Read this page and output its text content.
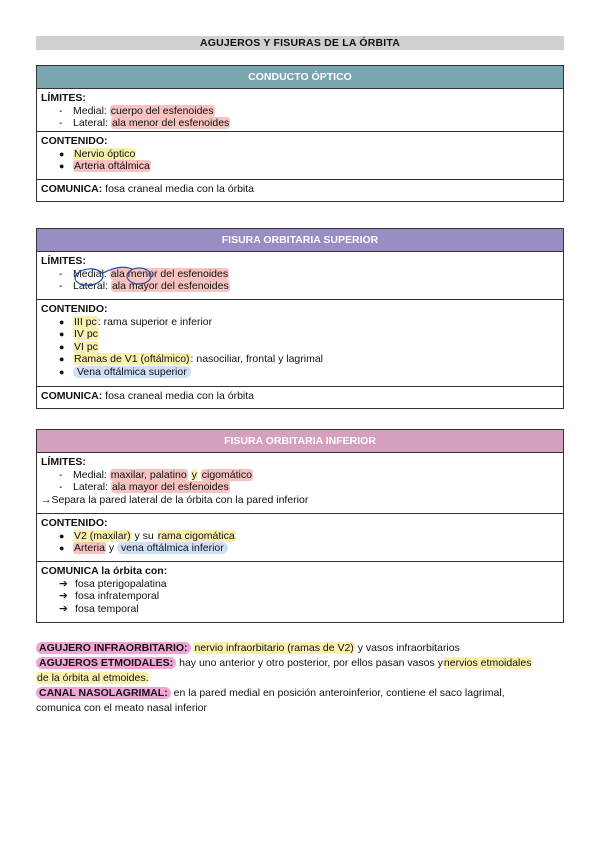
AGUJEROS Y FISURAS DE LA ÓRBITA
CONDUCTO ÓPTICO
LÍMITES:
- Medial: cuerpo del esfenoides
- Lateral: ala menor del esfenoides
CONTENIDO:
● Nervio óptico
● Arteria oftálmica
COMUNICA: fosa craneal media con la órbita
FISURA ORBITARIA SUPERIOR
LÍMITES:
- Medial: ala menor del esfenoides
- Lateral: ala mayor del esfenoides
CONTENIDO:
● III pc: rama superior e inferior
● IV pc
● VI pc
● Ramas de V1 (oftálmico): nasociliar, frontal y lagrimal
● Vena oftálmica superior
COMUNICA: fosa craneal media con la órbita
FISURA ORBITARIA INFERIOR
LÍMITES:
- Medial: maxilar, palatino y cigomático
- Lateral: ala mayor del esfenoides
→Separa la pared lateral de la órbita con la pared inferior
CONTENIDO:
● V2 (maxilar) y su rama cigomática
● Arteria y vena oftálmica inferior
COMUNICA la órbita con:
➔ fosa pterigopalatina
➔ fosa infratemporal
➔ fosa temporal
AGUJERO INFRAORBITARIO: nervio infraorbitario (ramas de V2) y vasos infraorbitarios
AGUJEROS ETMOIDALES: hay uno anterior y otro posterior, por ellos pasan vasos ynervios etmoidales
de la órbita al etmoides.
CANAL NASOLAGRIMAL: en la pared medial en posición anteroinferior, contiene el saco lagrimal,
comunica con el meato nasal inferior
